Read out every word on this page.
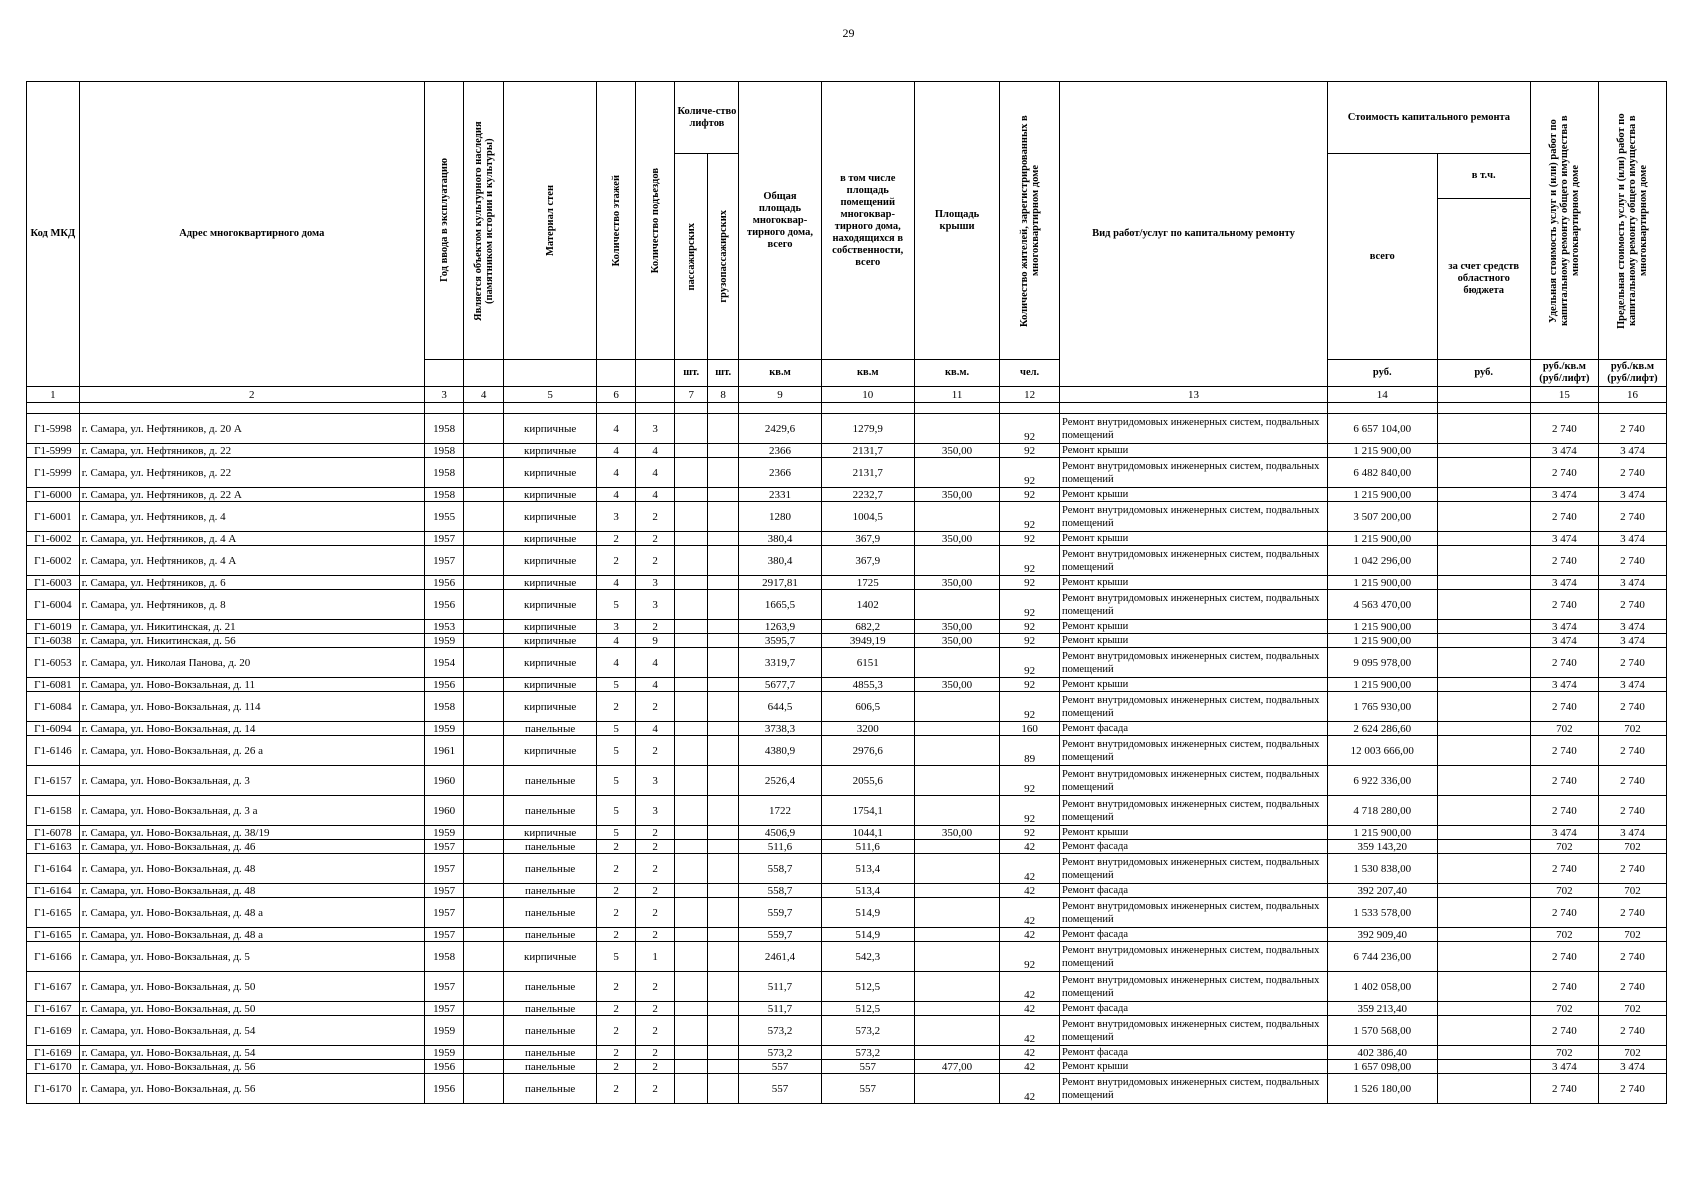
29
Код МКД	Адрес многоквартирного дома	Год ввода в эксплуатацию	Является объектом культурного наследия (памятником истории и культуры)	Материал стен	Количество этажей	Количество подъездов	Количе-ство лифтов		Общая площадь многоквар-тирного дома, всего	в том числе площадь помещений многоквар-тирного дома, находящихся в собственности, всего	Площадь крыши	Количество жителей, зарегистрированных в многоквартирном доме	Вид работ/услуг по капитальному ремонту	Стоимость капитального ремонта		Удельная стоимость услуг и (или) работ по капитальному ремонту общего имущества в многоквартирном доме	Предельная стоимость услуг и (или) работ по капитальному ремонту общего имущества в многоквартирном доме

							пассажирских	грузопассажирских						всего	в т.ч.		
															за счет средств областного бюджета		
							шт.	шт.	кв.м	кв.м	кв.м.	чел.		руб.	руб.	руб./кв.м (руб/лифт)	руб./кв.м (руб/лифт)
1	2	3	4	5	6		7	8	9	10	11	12	13	14		15	16

Г1-5998	г. Самара, ул. Нефтяников, д. 20 А	1958		кирпичные	4	3			2429,6	1279,9		92	Ремонт внутридомовых инженерных систем, подвальных помещений	6 657 104,00		2 740	2 740
Г1-5999	г. Самара, ул. Нефтяников, д. 22	1958		кирпичные	4	4			2366	2131,7	350,00	92	Ремонт крыши	1 215 900,00		3 474	3 474
Г1-5999	г. Самара, ул. Нефтяников, д. 22	1958		кирпичные	4	4			2366	2131,7		92	Ремонт внутридомовых инженерных систем, подвальных помещений	6 482 840,00		2 740	2 740
Г1-6000	г. Самара, ул. Нефтяников, д. 22 А	1958		кирпичные	4	4			2331	2232,7	350,00	92	Ремонт крыши	1 215 900,00		3 474	3 474
Г1-6001	г. Самара, ул. Нефтяников, д. 4	1955		кирпичные	3	2			1280	1004,5		92	Ремонт внутридомовых инженерных систем, подвальных помещений	3 507 200,00		2 740	2 740
Г1-6002	г. Самара, ул. Нефтяников, д. 4 А	1957		кирпичные	2	2			380,4	367,9	350,00	92	Ремонт крыши	1 215 900,00		3 474	3 474
Г1-6002	г. Самара, ул. Нефтяников, д. 4 А	1957		кирпичные	2	2			380,4	367,9		92	Ремонт внутридомовых инженерных систем, подвальных помещений	1 042 296,00		2 740	2 740
Г1-6003	г. Самара, ул. Нефтяников, д. 6	1956		кирпичные	4	3			2917,81	1725	350,00	92	Ремонт крыши	1 215 900,00		3 474	3 474
Г1-6004	г. Самара, ул. Нефтяников, д. 8	1956		кирпичные	5	3			1665,5	1402		92	Ремонт внутридомовых инженерных систем, подвальных помещений	4 563 470,00		2 740	2 740
Г1-6019	г. Самара, ул. Никитинская, д. 21	1953		кирпичные	3	2			1263,9	682,2	350,00	92	Ремонт крыши	1 215 900,00		3 474	3 474
Г1-6038	г. Самара, ул. Никитинская, д. 56	1959		кирпичные	4	9			3595,7	3949,19	350,00	92	Ремонт крыши	1 215 900,00		3 474	3 474
Г1-6053	г. Самара, ул. Николая Панова, д. 20	1954		кирпичные	4	4			3319,7	6151		92	Ремонт внутридомовых инженерных систем, подвальных помещений	9 095 978,00		2 740	2 740
Г1-6081	г. Самара, ул. Ново-Вокзальная, д. 11	1956		кирпичные	5	4			5677,7	4855,3	350,00	92	Ремонт крыши	1 215 900,00		3 474	3 474
Г1-6084	г. Самара, ул. Ново-Вокзальная, д. 114	1958		кирпичные	2	2			644,5	606,5		92	Ремонт внутридомовых инженерных систем, подвальных помещений	1 765 930,00		2 740	2 740
Г1-6094	г. Самара, ул. Ново-Вокзальная, д. 14	1959		панельные	5	4			3738,3	3200		160	Ремонт фасада	2 624 286,60		702	702
Г1-6146	г. Самара, ул. Ново-Вокзальная, д. 26 а	1961		кирпичные	5	2			4380,9	2976,6		89	Ремонт внутридомовых инженерных систем, подвальных помещений	12 003 666,00		2 740	2 740
Г1-6157	г. Самара, ул. Ново-Вокзальная, д. 3	1960		панельные	5	3			2526,4	2055,6		92	Ремонт внутридомовых инженерных систем, подвальных помещений	6 922 336,00		2 740	2 740
Г1-6158	г. Самара, ул. Ново-Вокзальная, д. 3 а	1960		панельные	5	3			1722	1754,1		92	Ремонт внутридомовых инженерных систем, подвальных помещений	4 718 280,00		2 740	2 740
Г1-6078	г. Самара, ул. Ново-Вокзальная, д. 38/19	1959		кирпичные	5	2			4506,9	1044,1	350,00	92	Ремонт крыши	1 215 900,00		3 474	3 474
Г1-6163	г. Самара, ул. Ново-Вокзальная, д. 46	1957		панельные	2	2			511,6	511,6		42	Ремонт фасада	359 143,20		702	702
Г1-6164	г. Самара, ул. Ново-Вокзальная, д. 48	1957		панельные	2	2			558,7	513,4		42	Ремонт внутридомовых инженерных систем, подвальных помещений	1 530 838,00		2 740	2 740
Г1-6164	г. Самара, ул. Ново-Вокзальная, д. 48	1957		панельные	2	2			558,7	513,4		42	Ремонт фасада	392 207,40		702	702
Г1-6165	г. Самара, ул. Ново-Вокзальная, д. 48 а	1957		панельные	2	2			559,7	514,9		42	Ремонт внутридомовых инженерных систем, подвальных помещений	1 533 578,00		2 740	2 740
Г1-6165	г. Самара, ул. Ново-Вокзальная, д. 48 а	1957		панельные	2	2			559,7	514,9		42	Ремонт фасада	392 909,40		702	702
Г1-6166	г. Самара, ул. Ново-Вокзальная, д. 5	1958		кирпичные	5	1			2461,4	542,3		92	Ремонт внутридомовых инженерных систем, подвальных помещений	6 744 236,00		2 740	2 740
Г1-6167	г. Самара, ул. Ново-Вокзальная, д. 50	1957		панельные	2	2			511,7	512,5		42	Ремонт внутридомовых инженерных систем, подвальных помещений	1 402 058,00		2 740	2 740
Г1-6167	г. Самара, ул. Ново-Вокзальная, д. 50	1957		панельные	2	2			511,7	512,5		42	Ремонт фасада	359 213,40		702	702
Г1-6169	г. Самара, ул. Ново-Вокзальная, д. 54	1959		панельные	2	2			573,2	573,2		42	Ремонт внутридомовых инженерных систем, подвальных помещений	1 570 568,00		2 740	2 740
Г1-6169	г. Самара, ул. Ново-Вокзальная, д. 54	1959		панельные	2	2			573,2	573,2		42	Ремонт фасада	402 386,40		702	702
Г1-6170	г. Самара, ул. Ново-Вокзальная, д. 56	1956		панельные	2	2			557	557	477,00	42	Ремонт крыши	1 657 098,00		3 474	3 474
Г1-6170	г. Самара, ул. Ново-Вокзальная, д. 56	1956		панельные	2	2			557	557		42	Ремонт внутридомовых инженерных систем, подвальных помещений	1 526 180,00		2 740	2 740
